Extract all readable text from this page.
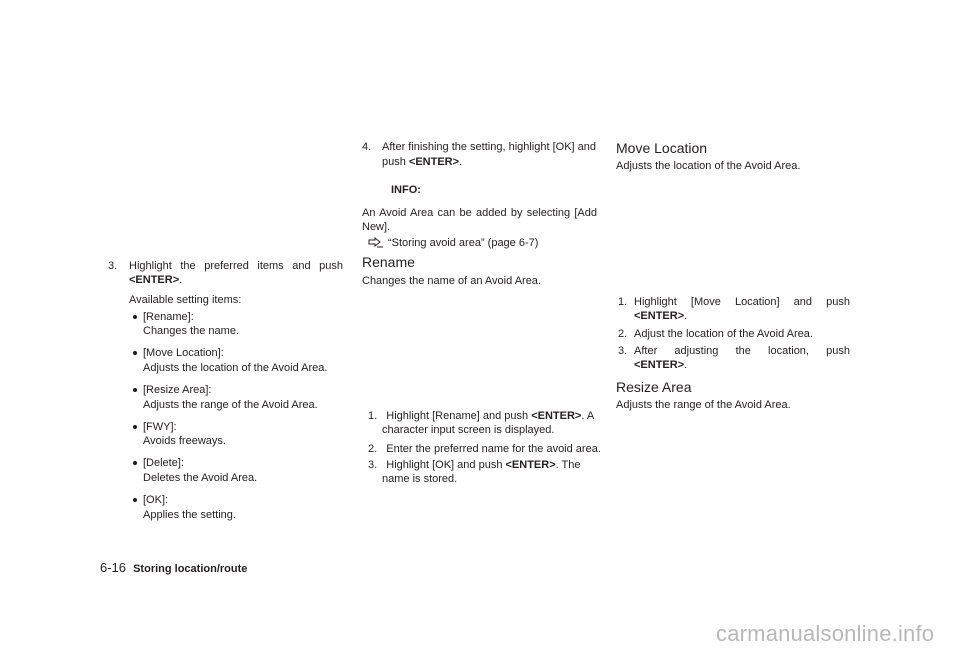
3. Highlight the preferred items and push
<ENTER>.
Available setting items:
[Rename]:
Changes the name.
[Move Location]:
Adjusts the location of the Avoid Area.
[Resize Area]:
Adjusts the range of the Avoid Area.
[FWY]:
Avoids freeways.
[Delete]:
Deletes the Avoid Area.
[OK]:
Applies the setting.
4. After finishing the setting, highlight [OK] and
push <ENTER>.
INFO:
An Avoid Area can be added by selecting [Add
New].
“Storing avoid area” (page 6-7)
Rename
Changes the name of an Avoid Area.
1. Highlight [Rename] and push <ENTER>. A
character input screen is displayed.
2. Enter the preferred name for the avoid area.
3. Highlight [OK] and push <ENTER>. The
name is stored.
Move Location
Adjusts the location of the Avoid Area.
1. Highlight [Move Location] and push
<ENTER>.
2. Adjust the location of the Avoid Area.
3. After adjusting the location, push
<ENTER>.
Resize Area
Adjusts the range of the Avoid Area.
6-16 Storing location/route
carmanualsonline.info
